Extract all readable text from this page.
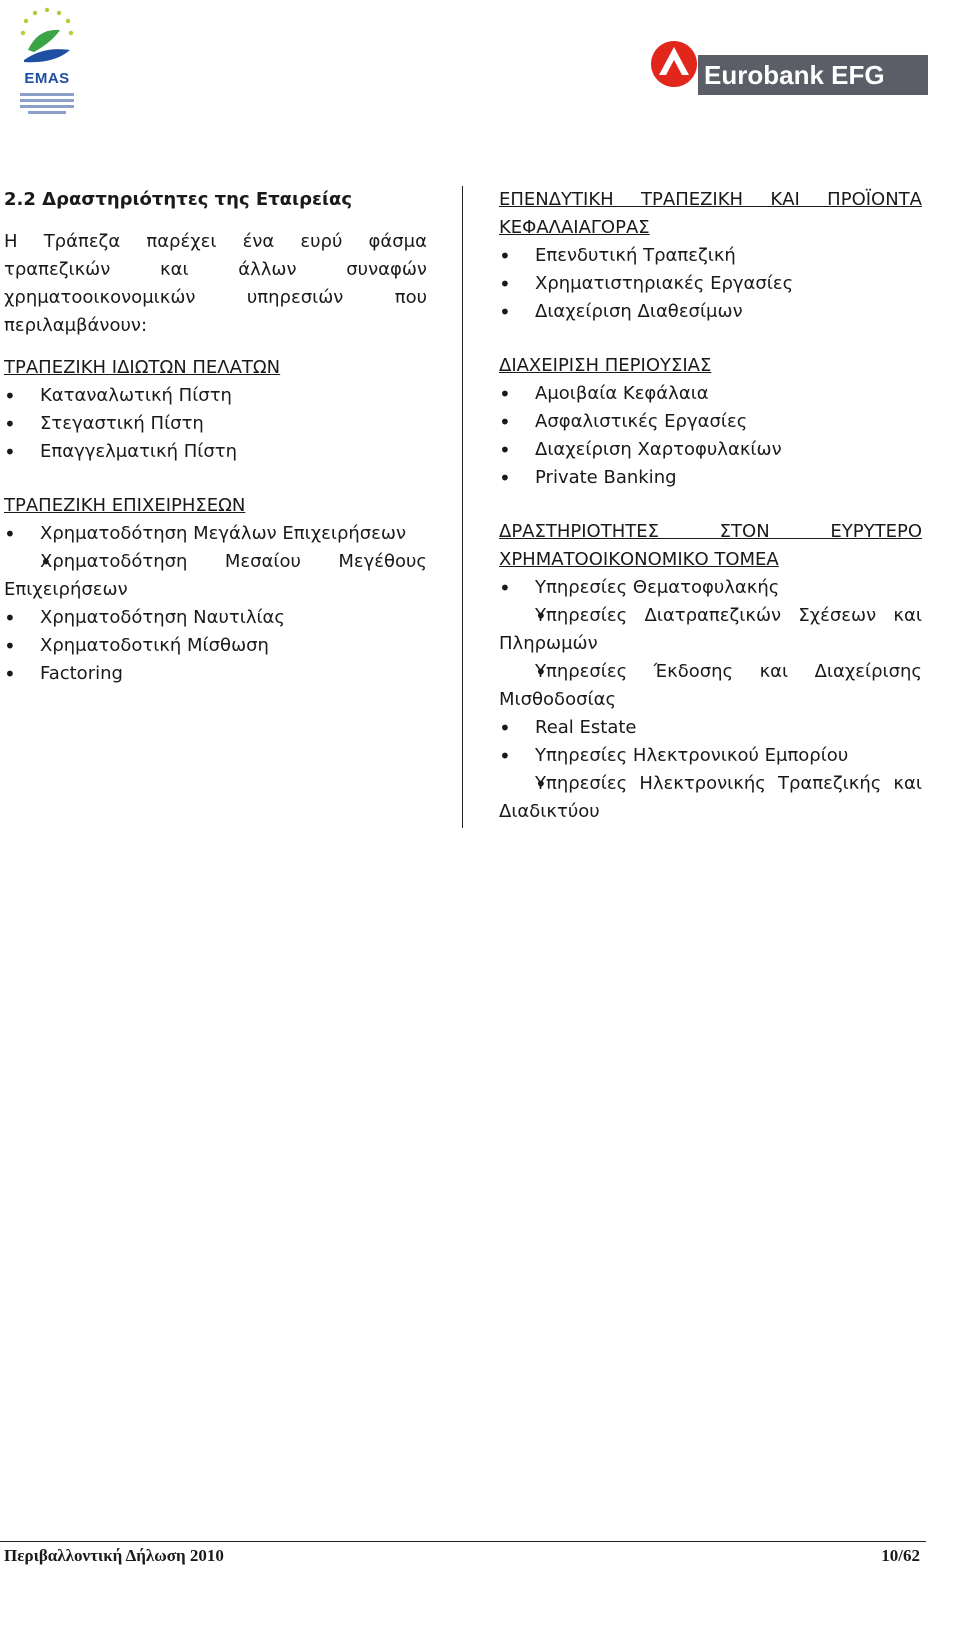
EMAS	Eurobank EFG
2.2 Δραστηριότητες της Εταιρείας
Η Τράπεζα παρέχει ένα ευρύ φάσμα
τραπεζικών και άλλων συναφών
χρηματοοικονομικών υπηρεσιών που
περιλαμβάνουν:
ΤΡΑΠΕΖΙΚΗ ΙΔΙΩΤΩΝ ΠΕΛΑΤΩΝ
• Καταναλωτική Πίστη
• Στεγαστική Πίστη
• Επαγγελματική Πίστη
ΤΡΑΠΕΖΙΚΗ ΕΠΙΧΕΙΡΗΣΕΩΝ
• Χρηματοδότηση Μεγάλων Επιχειρήσεων
• Χρηματοδότηση Μεσαίου Μεγέθους Επιχειρήσεων
• Χρηματοδότηση Ναυτιλίας
• Χρηματοδοτική Μίσθωση
• Factoring
ΕΠΕΝΔΥΤΙΚΗ ΤΡΑΠΕΖΙΚΗ ΚΑΙ ΠΡΟΪΟΝΤΑ
ΚΕΦΑΛΑΙΑΓΟΡΑΣ
• Επενδυτική Τραπεζική
• Χρηματιστηριακές Εργασίες
• Διαχείριση Διαθεσίμων
ΔΙΑΧΕΙΡΙΣΗ ΠΕΡΙΟΥΣΙΑΣ
• Αμοιβαία Κεφάλαια
• Ασφαλιστικές Εργασίες
• Διαχείριση Χαρτοφυλακίων
• Private Banking
ΔΡΑΣΤΗΡΙΟΤΗΤΕΣ ΣΤΟΝ ΕΥΡΥΤΕΡΟ
ΧΡΗΜΑΤΟΟΙΚΟΝΟΜΙΚΟ ΤΟΜΕΑ
• Υπηρεσίες Θεματοφυλακής
• Υπηρεσίες Διατραπεζικών Σχέσεων και Πληρωμών
• Υπηρεσίες Έκδοσης και Διαχείρισης Μισθοδοσίας
• Real Estate
• Υπηρεσίες Ηλεκτρονικού Εμπορίου
• Υπηρεσίες Ηλεκτρονικής Τραπεζικής και Διαδικτύου
Περιβαλλοντική Δήλωση 2010	10/62
